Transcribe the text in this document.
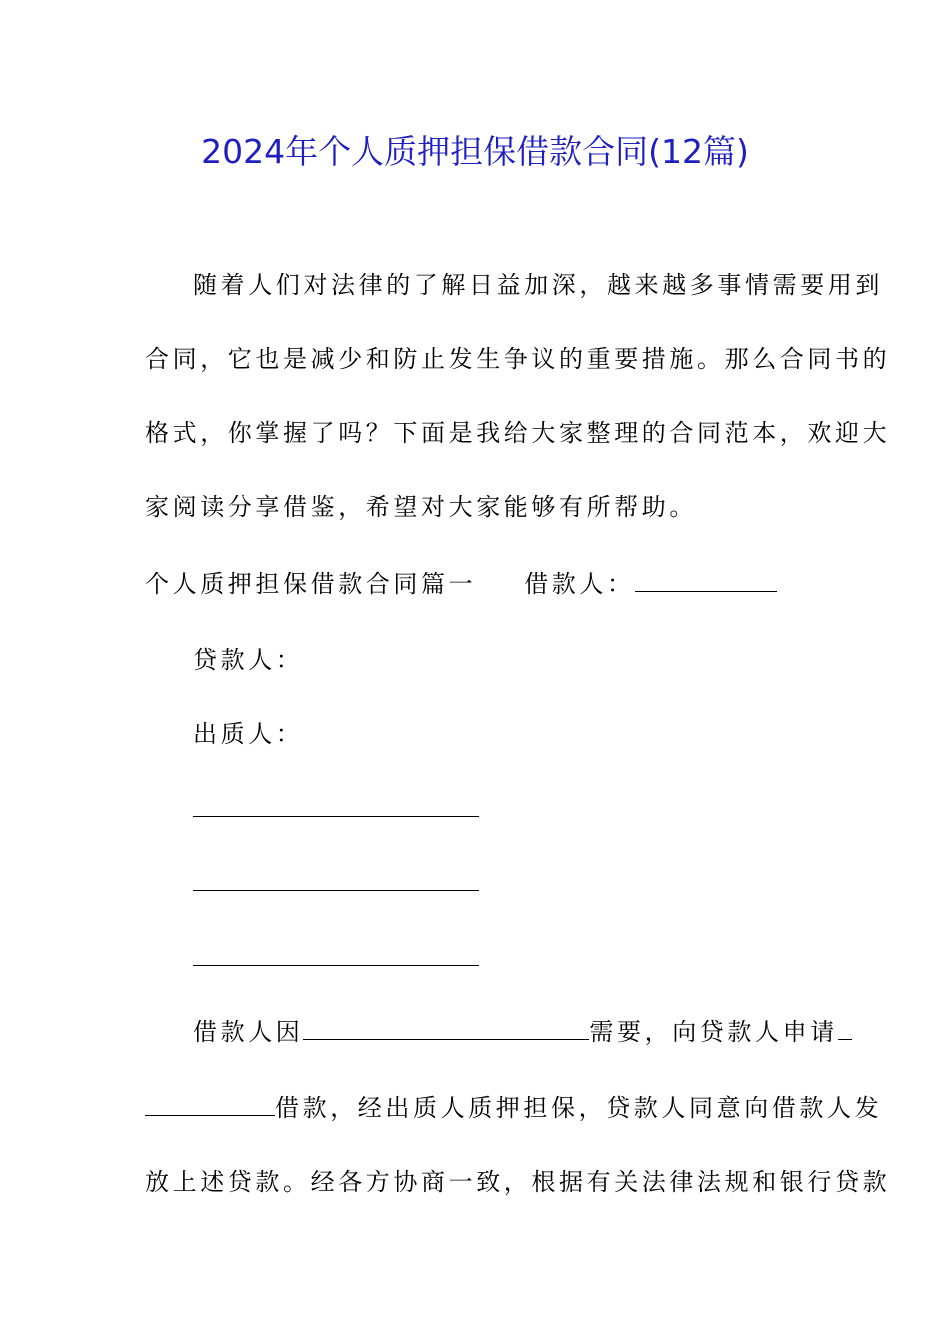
2024年个人质押担保借款合同(12篇)
随着人们对法律的了解日益加深，越来越多事情需要用到
合同，它也是减少和防止发生争议的重要措施。那么合同书的
格式，你掌握了吗？下面是我给大家整理的合同范本，欢迎大
家阅读分享借鉴，希望对大家能够有所帮助。
个人质押担保借款合同篇一 借款人：
贷款人：
出质人：
借款人因	需要，向贷款人申请
借款，经出质人质押担保，贷款人同意向借款人发
放上述贷款。经各方协商一致，根据有关法律法规和银行贷款
